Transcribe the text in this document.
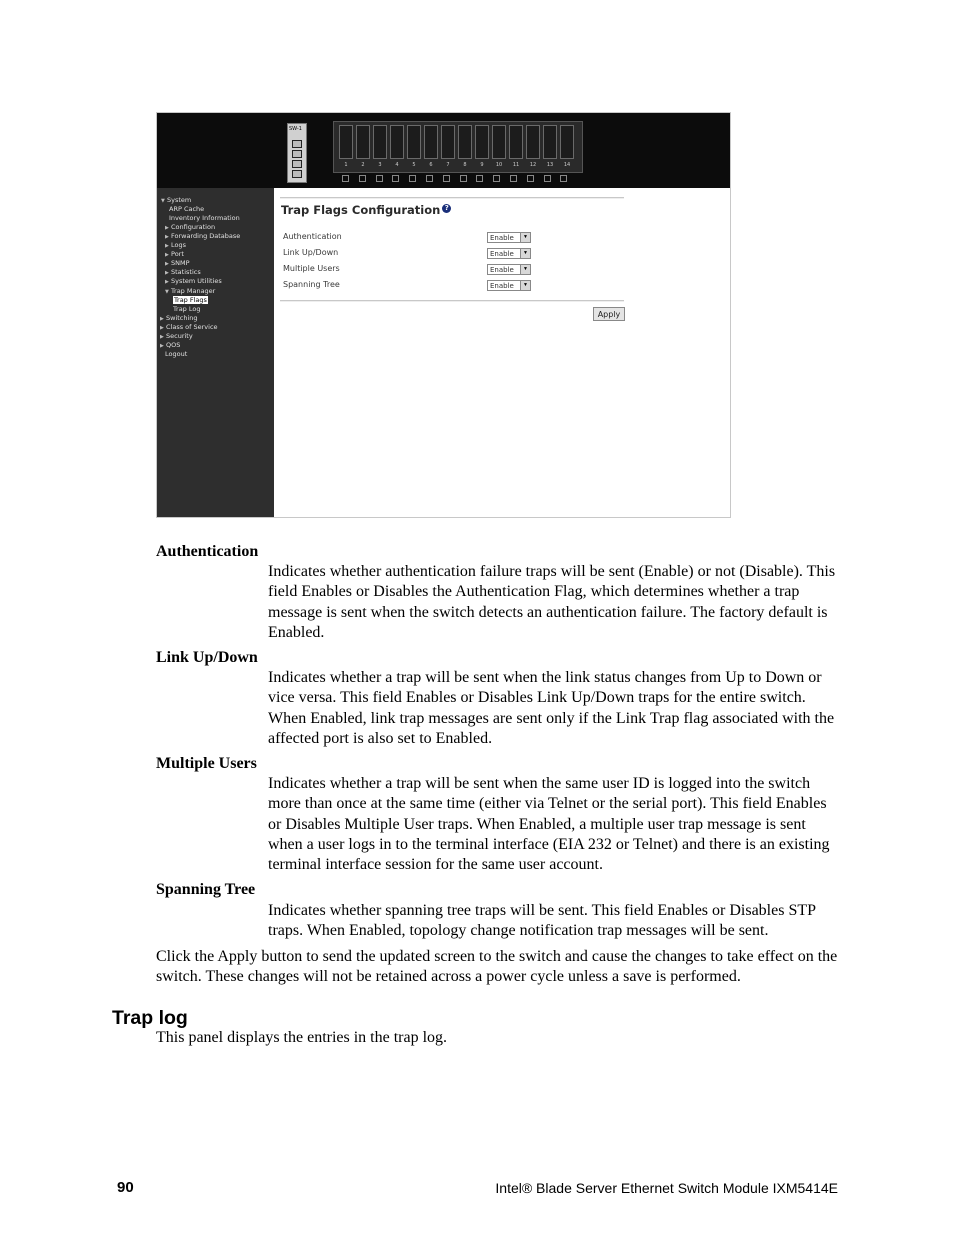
SW-1
1	2	3	4	5	6	7	8	9	10	11	12	13	14
▼ System
ARP Cache
Inventory Information
▶ Configuration
▶ Forwarding Database
▶ Logs
▶ Port
▶ SNMP
▶ Statistics
▶ System Utilities
▼ Trap Manager
Trap Flags
Trap Log
▶ Switching
▶ Class of Service
▶ Security
▶ QOS
Logout
Trap Flags Configuration ?
Authentication	Enable	▼
Link Up/Down	Enable	▼
Multiple Users	Enable	▼
Spanning Tree	Enable	▼
Apply
Authentication
Indicates whether authentication failure traps will be sent (Enable) or not (Disable). This field Enables or Disables the Authentication Flag, which determines whether a trap message is sent when the switch detects an authentication failure. The factory default is Enabled.
Link Up/Down
Indicates whether a trap will be sent when the link status changes from Up to Down or vice versa. This field Enables or Disables Link Up/Down traps for the entire switch. When Enabled, link trap messages are sent only if the Link Trap flag associated with the affected port is also set to Enabled.
Multiple Users
Indicates whether a trap will be sent when the same user ID is logged into the switch more than once at the same time (either via Telnet or the serial port). This field Enables or Disables Multiple User traps. When Enabled, a multiple user trap message is sent when a user logs in to the terminal interface (EIA 232 or Telnet) and there is an existing terminal interface session for the same user account.
Spanning Tree
Indicates whether spanning tree traps will be sent. This field Enables or Disables STP traps. When Enabled, topology change notification trap messages will be sent.
Click the Apply button to send the updated screen to the switch and cause the changes to take effect on the switch. These changes will not be retained across a power cycle unless a save is performed.
Trap log
This panel displays the entries in the trap log.
90	Intel® Blade Server Ethernet Switch Module IXM5414E
